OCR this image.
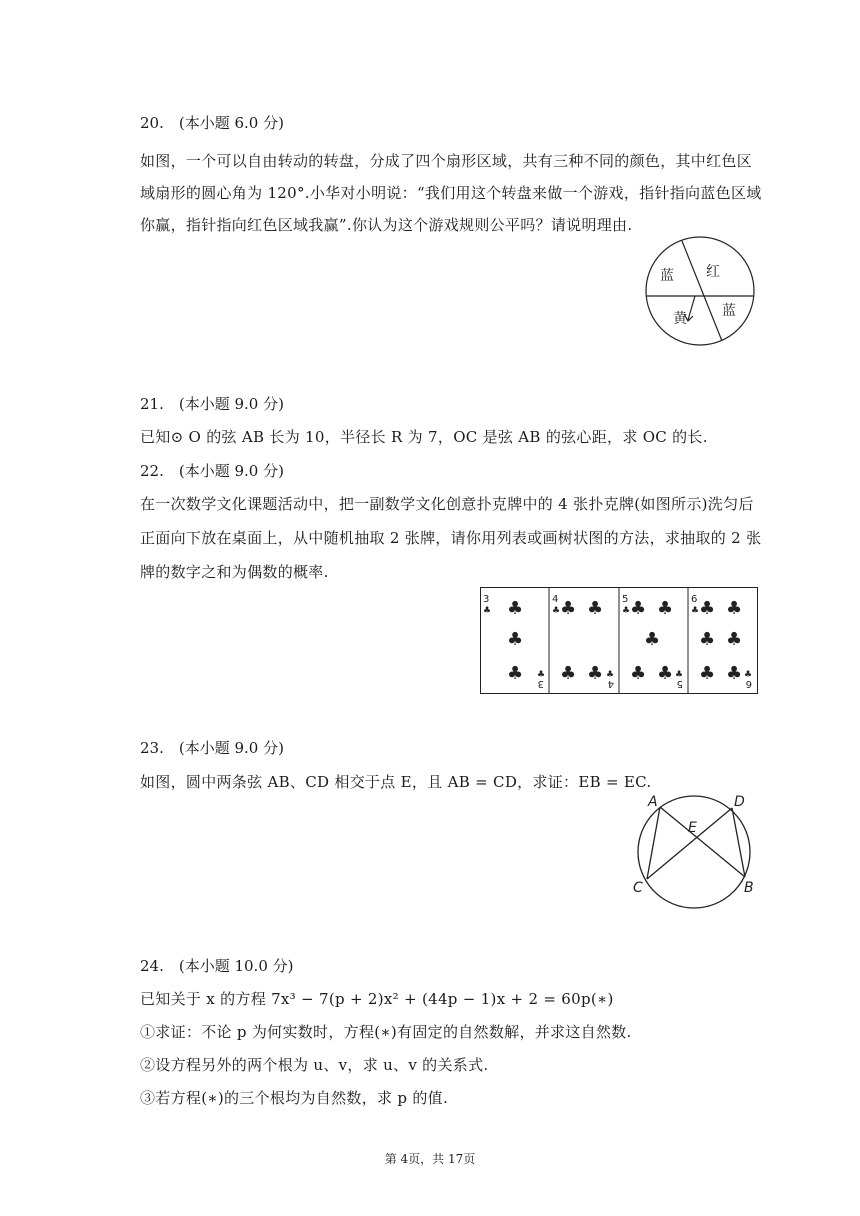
20.　(本小题 6.0 分)
如图，一个可以自由转动的转盘，分成了四个扇形区域，共有三种不同的颜色，其中红色区
域扇形的圆心角为 120°.小华对小明说：“我们用这个转盘来做一个游戏，指针指向蓝色区域
你赢，指针指向红色区域我赢”.你认为这个游戏规则公平吗？请说明理由.
蓝 红
黄	蓝
21.　(本小题 9.0 分)
已知⊙ O 的弦 AB 长为 10，半径长 R 为 7，OC 是弦 AB 的弦心距，求 OC 的长.
22.　(本小题 9.0 分)
在一次数学文化课题活动中，把一副数学文化创意扑克牌中的 4 张扑克牌(如图所示)洗匀后
正面向下放在桌面上，从中随机抽取 2 张牌，请你用列表或画树状图的方法，求抽取的 2 张
牌的数字之和为偶数的概率.
3
♣ ♣
♣
♣ ♣
3
4
♣ ♣ ♣
♣ ♣ ♣
4
5
♣ ♣ ♣
♣
♣ ♣ ♣
5
6
♣ ♣ ♣
♣ ♣
♣ ♣ ♣
6
23.　(本小题 9.0 分)
如图，圆中两条弦 AB、CD 相交于点 E，且 AB = CD，求证：EB = EC.
A	D
E
C	B
24.　(本小题 10.0 分)
已知关于 x 的方程 7x³ − 7(p + 2)x² + (44p − 1)x + 2 = 60p(∗)
①求证：不论 p 为何实数时，方程(∗)有固定的自然数解，并求这自然数.
②设方程另外的两个根为 u、v，求 u、v 的关系式.
③若方程(∗)的三个根均为自然数，求 p 的值.
第 4页，共 17页
